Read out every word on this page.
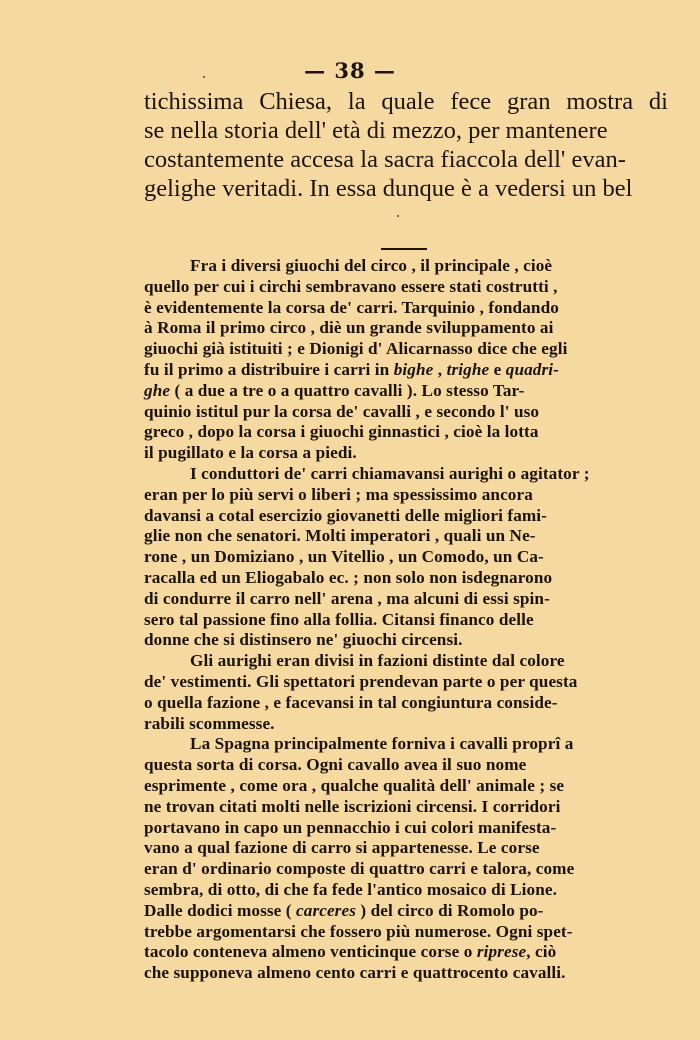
— 38 —
tichissima Chiesa, la quale fece gran mostra di
se nella storia dell' età di mezzo, per mantenere
costantemente accesa la sacra fiaccola dell' evan-
gelighe veritadi. In essa dunque è a vedersi un bel
Fra i diversi giuochi del circo , il principale , cioè
quello per cui i circhi sembravano essere stati costrutti ,
è evidentemente la corsa de' carri. Tarquinio , fondando
à Roma il primo circo , diè un grande sviluppamento ai
giuochi già istituiti ; e Dionigi d' Alicarnasso dice che egli
fu il primo a distribuire i carri in bighe , trighe e quadri-
ghe ( a due a tre o a quattro cavalli ). Lo stesso Tar-
quinio istitul pur la corsa de' cavalli , e secondo l' uso
greco , dopo la corsa i giuochi ginnastici , cioè la lotta
il pugillato e la corsa a piedi.
I conduttori de' carri chiamavansi aurighi o agitator ;
eran per lo più servi o liberi ; ma spessissimo ancora
davansi a cotal esercizio giovanetti delle migliori fami-
glie non che senatori. Molti imperatori , quali un Ne-
rone , un Domiziano , un Vitellio , un Comodo, un Ca-
racalla ed un Eliogabalo ec. ; non solo non isdegnarono
di condurre il carro nell' arena , ma alcuni di essi spin-
sero tal passione fino alla follia. Citansi financo delle
donne che si distinsero ne' giuochi circensi.
Gli aurighi eran divisi in fazioni distinte dal colore
de' vestimenti. Gli spettatori prendevan parte o per questa
o quella fazione , e facevansi in tal congiuntura conside-
rabili scommesse.
La Spagna principalmente forniva i cavalli proprî a
questa sorta di corsa. Ogni cavallo avea il suo nome
esprimente , come ora , qualche qualità dell' animale ; se
ne trovan citati molti nelle iscrizioni circensi. I corridori
portavano in capo un pennacchio i cui colori manifesta-
vano a qual fazione di carro si appartenesse. Le corse
eran d' ordinario composte di quattro carri e talora, come
sembra, di otto, di che fa fede l'antico mosaico di Lione.
Dalle dodici mosse ( carceres ) del circo di Romolo po-
trebbe argomentarsi che fossero più numerose. Ogni spet-
tacolo conteneva almeno venticinque corse o riprese, ciò
che supponeva almeno cento carri e quattrocento cavalli.
